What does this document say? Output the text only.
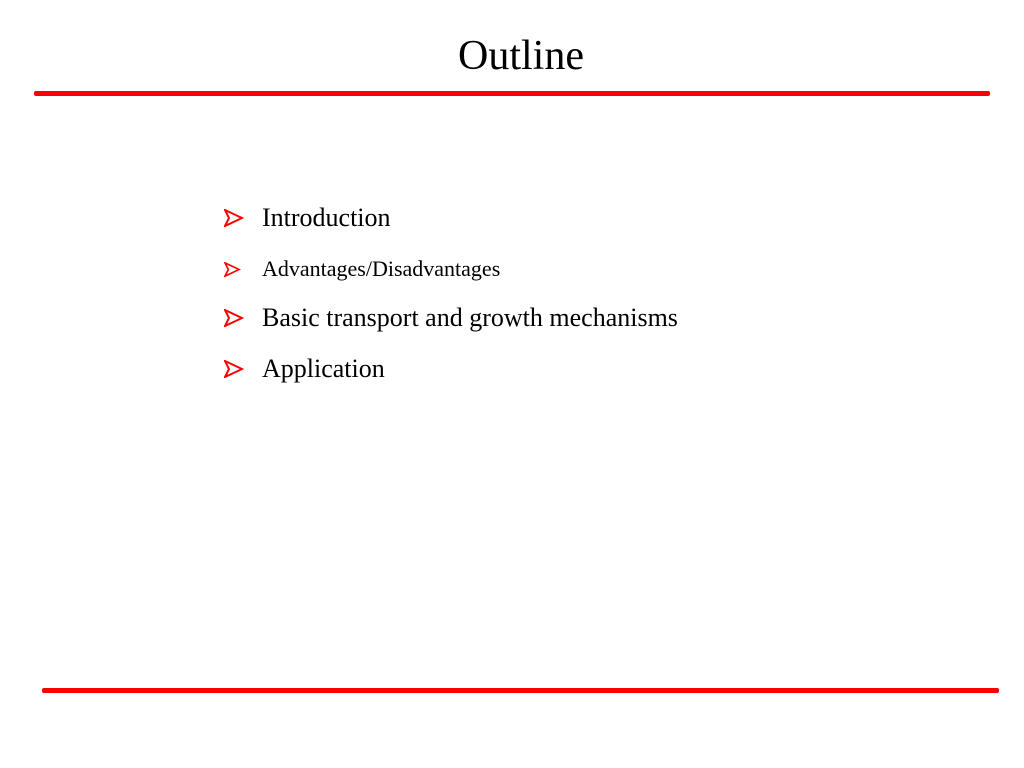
Outline
Introduction
Advantages/Disadvantages
Basic transport and growth mechanisms
Application
